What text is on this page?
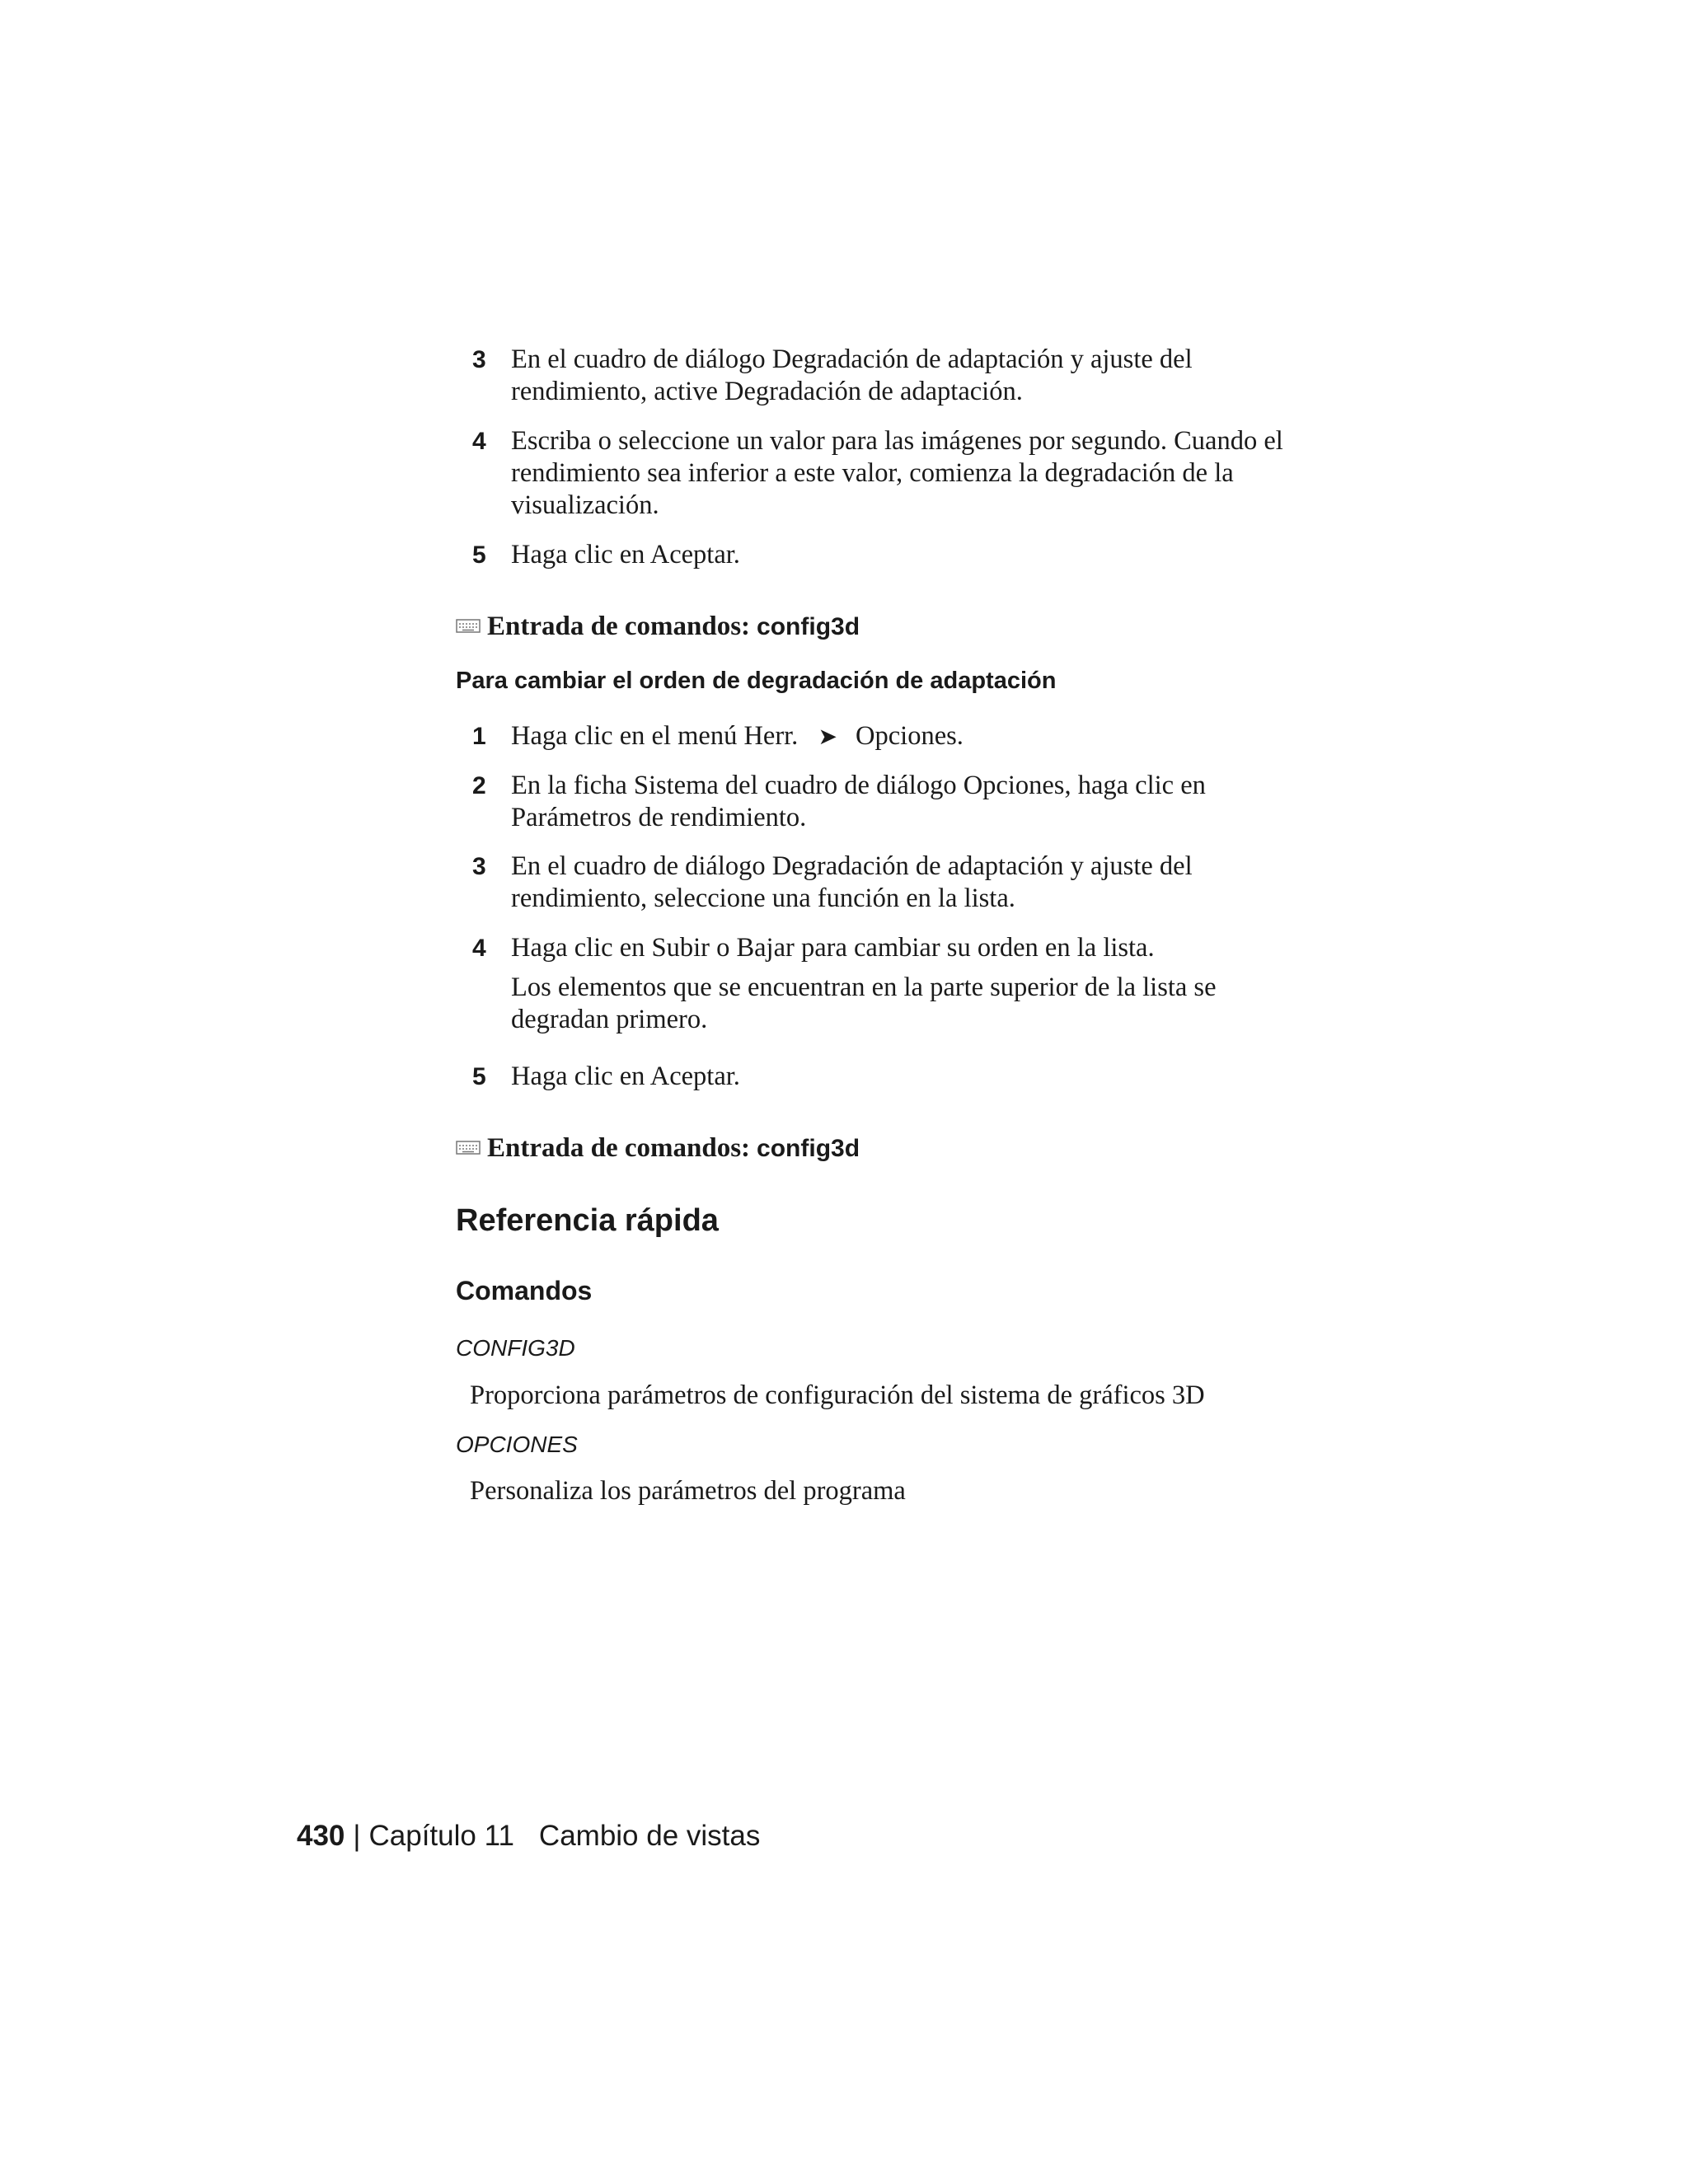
3 En el cuadro de diálogo Degradación de adaptación y ajuste del
rendimiento, active Degradación de adaptación.
4 Escriba o seleccione un valor para las imágenes por segundo. Cuando el
rendimiento sea inferior a este valor, comienza la degradación de la
visualización.
5 Haga clic en Aceptar.
Entrada de comandos: config3d
Para cambiar el orden de degradación de adaptación
1 Haga clic en el menú Herr. ➤ Opciones.
2 En la ficha Sistema del cuadro de diálogo Opciones, haga clic en
Parámetros de rendimiento.
3 En el cuadro de diálogo Degradación de adaptación y ajuste del
rendimiento, seleccione una función en la lista.
4 Haga clic en Subir o Bajar para cambiar su orden en la lista.
Los elementos que se encuentran en la parte superior de la lista se
degradan primero.
5 Haga clic en Aceptar.
Entrada de comandos: config3d
Referencia rápida
Comandos
CONFIG3D
Proporciona parámetros de configuración del sistema de gráficos 3D
OPCIONES
Personaliza los parámetros del programa
430 | Capítulo 11 Cambio de vistas
